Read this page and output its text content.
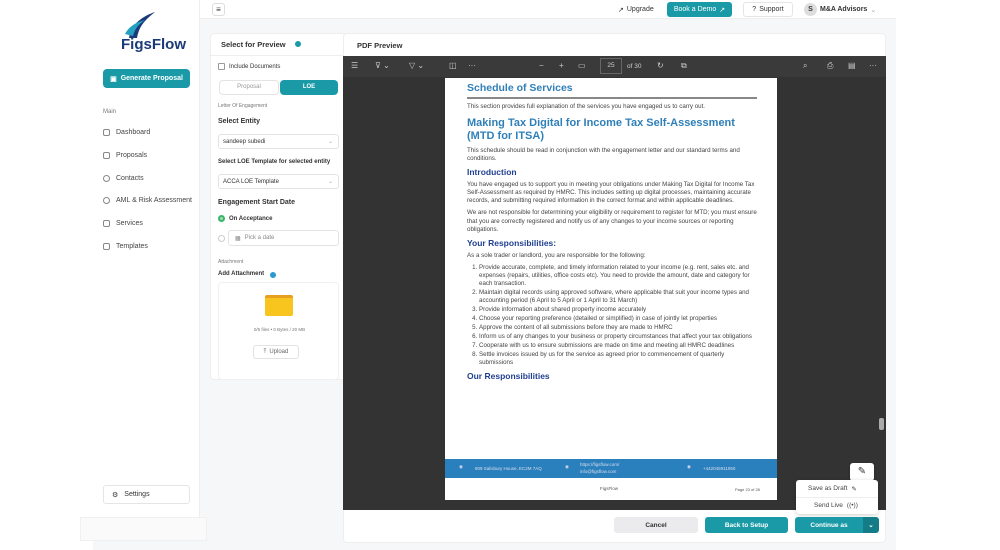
FigsFlow
▣ Generate Proposal
Main
Dashboard
Proposals
Contacts
AML & Risk Assessment
Services
Templates
⚙ Settings
≡	↗ Upgrade	Book a Demo ↗	? Support	S	M&A Advisors ⌄
Select for Preview
Include Documents
Proposal	LOE
Letter Of Engagement
Select Entity
sandeep subedi	⌄
Select LOE Template for selected entity
ACCA LOE Template	⌄
Engagement Start Date
On Acceptance
▦ Pick a date
Attachment
Add Attachment
0/5 files • 0 Bytes / 20 MB
⤒ Upload
PDF Preview
☰ ⊽ ⌄ ▽ ⌄	◫ ···	− + ▭	25	of 30 ↻ ⧉	⌕ ⎙ ▤ ···
Schedule of Services

This section provides full explanation of the services you have engaged us to carry out.

Making Tax Digital for Income Tax Self-Assessment (MTD for ITSA)

This schedule should be read in conjunction with the engagement letter and our standard terms and conditions.

Introduction

You have engaged us to support you in meeting your obligations under Making Tax Digital for Income Tax Self-Assessment as required by HMRC. This includes setting up digital processes, maintaining accurate records, and submitting required information in the correct format and within applicable deadlines.

We are not responsible for determining your eligibility or requirement to register for MTD; you must ensure that you are correctly registered and notify us of any changes to your income sources or reporting obligations.

Your Responsibilities:

As a sole trader or landlord, you are responsible for the following:

1. Provide accurate, complete, and timely information related to your income (e.g. rent, sales etc. and expenses (repairs, utilities, office costs etc). You need to provide the amount, date and category for each transaction.
2. Maintain digital records using approved software, where applicable that suit your income types and accounting period (6 April to 5 April or 1 April to 31 March)
3. Provide information about shared property income accurately
4. Choose your reporting preference (detailed or simplified) in case of jointly let properties
5. Approve the content of all submissions before they are made to HMRC
6. Inform us of any changes to your business or property circumstances that affect your tax obligations
7. Cooperate with us to ensure submissions are made on time and meeting all HMRC deadlines
8. Settle invoices issued by us for the service as agreed prior to commencement of quarterly submissions
Our Responsibilities
◉	809 Salisbury House, EC2M 7AQ	◉ https://figsflow.com/
info@figsflow.com
◉	+442045911950
FigsFlow	Page 23 of 28
✎
Save as Draft ✎
Send Live ((•))
Cancel	Back to Setup	Continue as	⌄
